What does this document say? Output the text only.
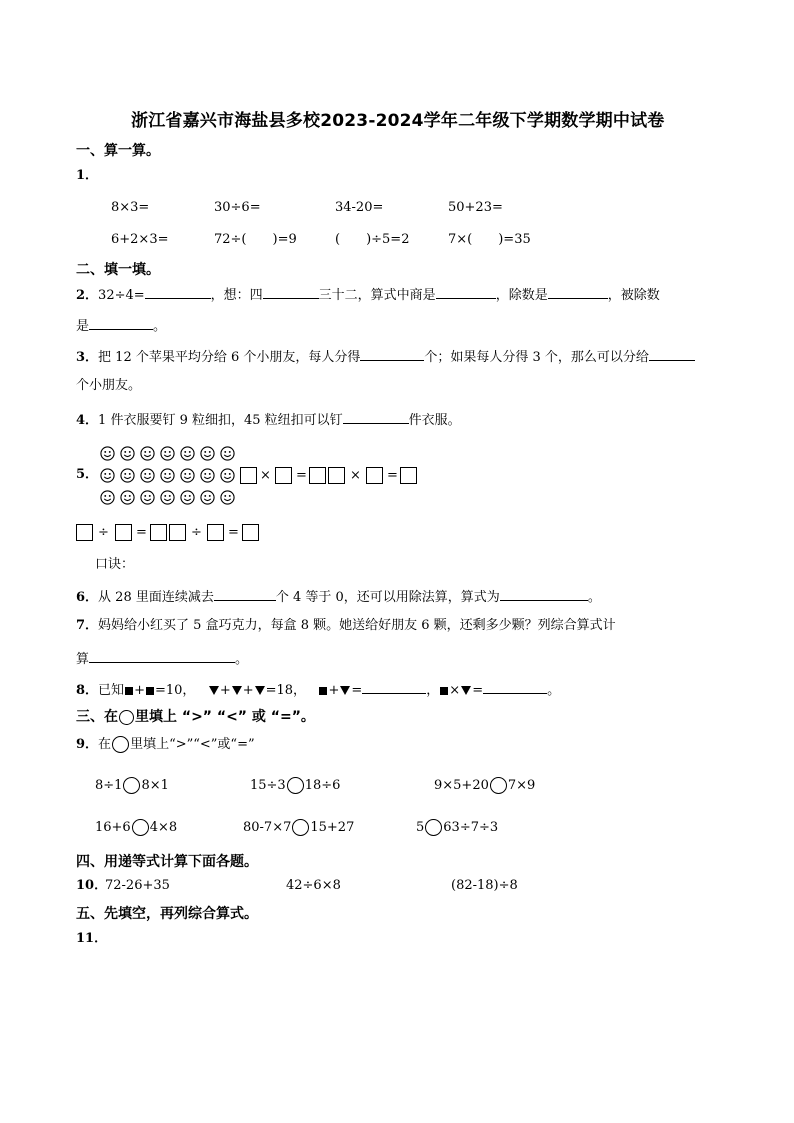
浙江省嘉兴市海盐县多校2023-2024学年二年级下学期数学期中试卷
一、算一算。
1．
8×3=	30÷6=	34-20=	50+23=
6+2×3=	72÷(　　)=9	(　　)÷5=2	7×(　　)=35
二、填一填。
2．32÷4=	，想：四	三十二，算式中商是	，除数是	，被除数
是	。
3．把 12 个苹果平均分给 6 个小朋友，每人分得	个；如果每人分得 3 个，那么可以分给
个小朋友。
4．1 件衣服要钉 9 粒细扣，45 粒纽扣可以钉	件衣服。
5．	× =	× =
÷ =	÷ =
口诀：
6．从 28 里面连续减去	个 4 等于 0，还可以用除法算，算式为	。
7．妈妈给小红买了 5 盒巧克力，每盒 8 颗。她送给好朋友 6 颗，还剩多少颗？列综合算式计
算	。
8．已知 + =10， + + =18， + =	， × =	。
三、在 里填上 “>” “<” 或 “=”。
9．在 里填上“>”“<”或“=”
8÷1 8×1	15÷3 18÷6	9×5+20 7×9
16+6 4×8	80-7×7 15+27	5 63÷7÷3
四、用递等式计算下面各题。
10．
72-26+35	42÷6×8	(82-18)÷8
五、先填空，再列综合算式。
11．
